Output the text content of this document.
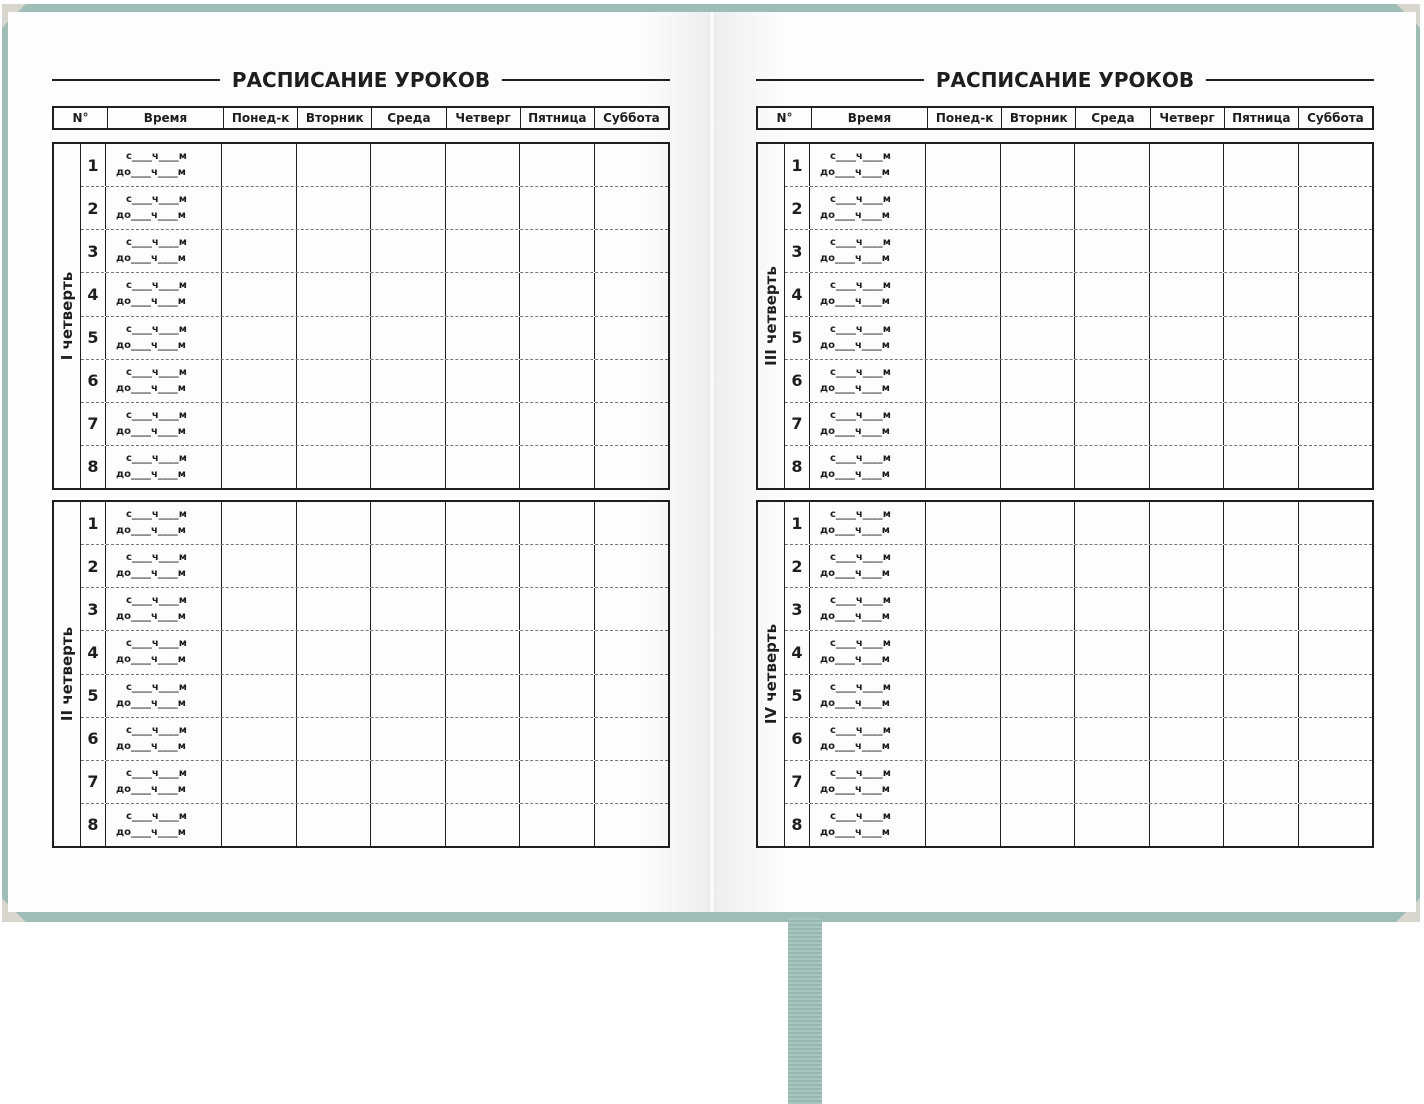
РАСПИСАНИЕ УРОКОВ
N°	Время	Понед-к	Вторник	Среда	Четверг	Пятница	Суббота
I четверть
1	с____ч____м
до____ч____м
2	с____ч____м
до____ч____м
3	с____ч____м
до____ч____м
4	с____ч____м
до____ч____м
5	с____ч____м
до____ч____м
6	с____ч____м
до____ч____м
7	с____ч____м
до____ч____м
8	с____ч____м
до____ч____м
II четверть
1	с____ч____м
до____ч____м
2	с____ч____м
до____ч____м
3	с____ч____м
до____ч____м
4	с____ч____м
до____ч____м
5	с____ч____м
до____ч____м
6	с____ч____м
до____ч____м
7	с____ч____м
до____ч____м
8	с____ч____м
до____ч____м
РАСПИСАНИЕ УРОКОВ
N°	Время	Понед-к	Вторник	Среда	Четверг	Пятница	Суббота
III четверть
1	с____ч____м
до____ч____м
2	с____ч____м
до____ч____м
3	с____ч____м
до____ч____м
4	с____ч____м
до____ч____м
5	с____ч____м
до____ч____м
6	с____ч____м
до____ч____м
7	с____ч____м
до____ч____м
8	с____ч____м
до____ч____м
IV четверть
1	с____ч____м
до____ч____м
2	с____ч____м
до____ч____м
3	с____ч____м
до____ч____м
4	с____ч____м
до____ч____м
5	с____ч____м
до____ч____м
6	с____ч____м
до____ч____м
7	с____ч____м
до____ч____м
8	с____ч____м
до____ч____м
